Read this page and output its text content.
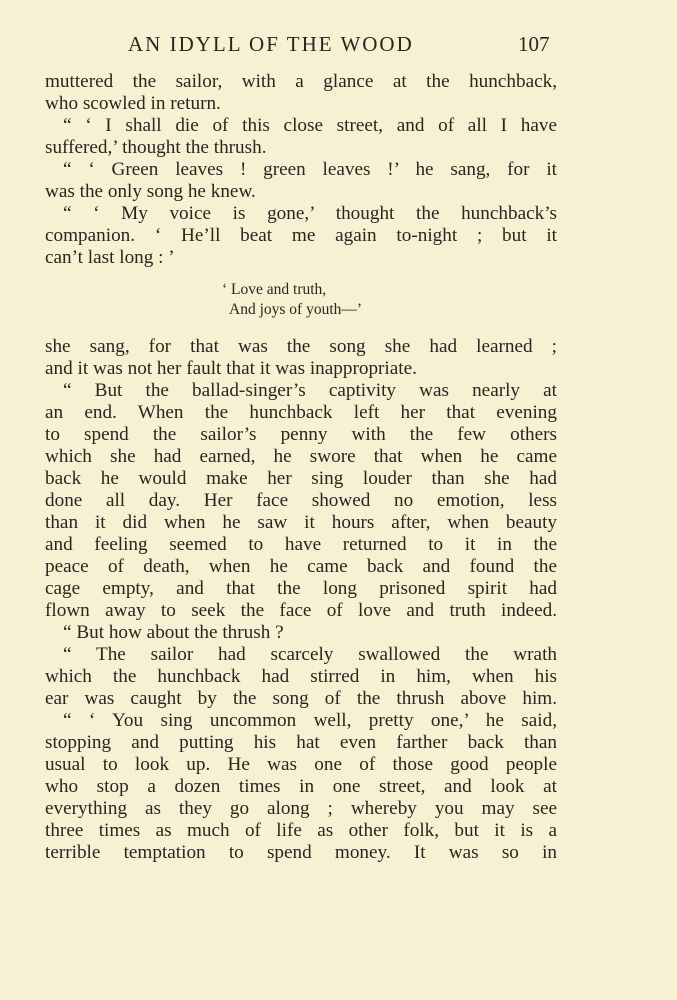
AN IDYLL OF THE WOOD	107
muttered the sailor, with a glance at the hunchback,
who scowled in return.
“ ‘ I shall die of this close street, and of all I have
suffered,’ thought the thrush.
“ ‘ Green leaves ! green leaves !’ he sang, for it
was the only song he knew.
“ ‘ My voice is gone,’ thought the hunchback’s
companion. ‘ He’ll beat me again to-night ; but it
can’t last long : ’
‘ Love and truth,
And joys of youth—’
she sang, for that was the song she had learned ;
and it was not her fault that it was inappropriate.
“ But the ballad-singer’s captivity was nearly at
an end. When the hunchback left her that evening
to spend the sailor’s penny with the few others
which she had earned, he swore that when he came
back he would make her sing louder than she had
done all day. Her face showed no emotion, less
than it did when he saw it hours after, when beauty
and feeling seemed to have returned to it in the
peace of death, when he came back and found the
cage empty, and that the long prisoned spirit had
flown away to seek the face of love and truth indeed.
“ But how about the thrush ?
“ The sailor had scarcely swallowed the wrath
which the hunchback had stirred in him, when his
ear was caught by the song of the thrush above him.
“ ‘ You sing uncommon well, pretty one,’ he said,
stopping and putting his hat even farther back than
usual to look up. He was one of those good people
who stop a dozen times in one street, and look at
everything as they go along ; whereby you may see
three times as much of life as other folk, but it is a
terrible temptation to spend money. It was so in
